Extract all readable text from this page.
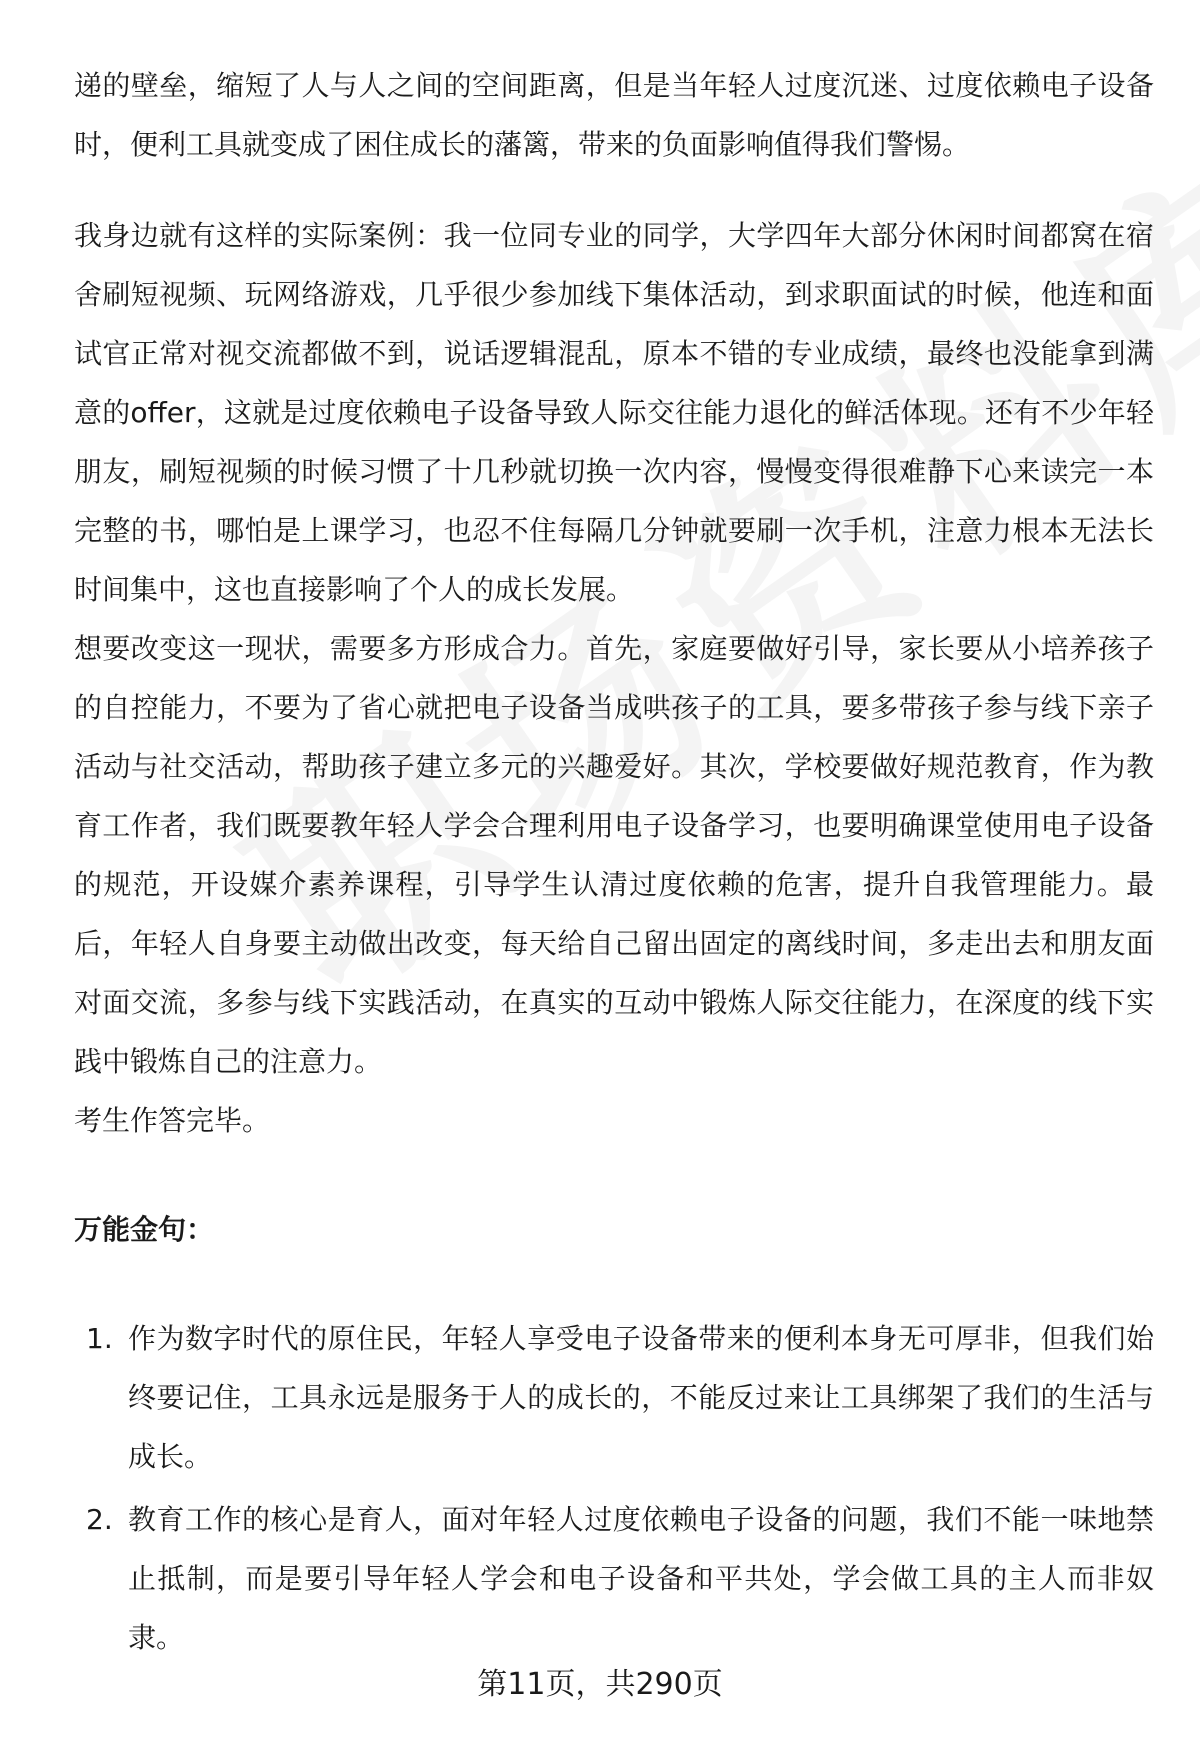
递的壁垒，缩短了人与人之间的空间距离，但是当年轻人过度沉迷、过度依赖电子设备时，便利工具就变成了困住成长的藩篱，带来的负面影响值得我们警惕。

我身边就有这样的实际案例：我一位同专业的同学，大学四年大部分休闲时间都窝在宿舍刷短视频、玩网络游戏，几乎很少参加线下集体活动，到求职面试的时候，他连和面试官正常对视交流都做不到，说话逻辑混乱，原本不错的专业成绩，最终也没能拿到满意的offer，这就是过度依赖电子设备导致人际交往能力退化的鲜活体现。还有不少年轻朋友，刷短视频的时候习惯了十几秒就切换一次内容，慢慢变得很难静下心来读完一本完整的书，哪怕是上课学习，也忍不住每隔几分钟就要刷一次手机，注意力根本无法长时间集中，这也直接影响了个人的成长发展。

想要改变这一现状，需要多方形成合力。首先，家庭要做好引导，家长要从小培养孩子的自控能力，不要为了省心就把电子设备当成哄孩子的工具，要多带孩子参与线下亲子活动与社交活动，帮助孩子建立多元的兴趣爱好。其次，学校要做好规范教育，作为教育工作者，我们既要教年轻人学会合理利用电子设备学习，也要明确课堂使用电子设备的规范，开设媒介素养课程，引导学生认清过度依赖的危害，提升自我管理能力。最后，年轻人自身要主动做出改变，每天给自己留出固定的离线时间，多走出去和朋友面对面交流，多参与线下实践活动，在真实的互动中锻炼人际交往能力，在深度的线下实践中锻炼自己的注意力。

考生作答完毕。

万能金句：

1. 作为数字时代的原住民，年轻人享受电子设备带来的便利本身无可厚非，但我们始终要记住，工具永远是服务于人的成长的，不能反过来让工具绑架了我们的生活与成长。
2. 教育工作的核心是育人，面对年轻人过度依赖电子设备的问题，我们不能一味地禁止抵制，而是要引导年轻人学会和电子设备和平共处，学会做工具的主人而非奴隶。
第11页，共290页
